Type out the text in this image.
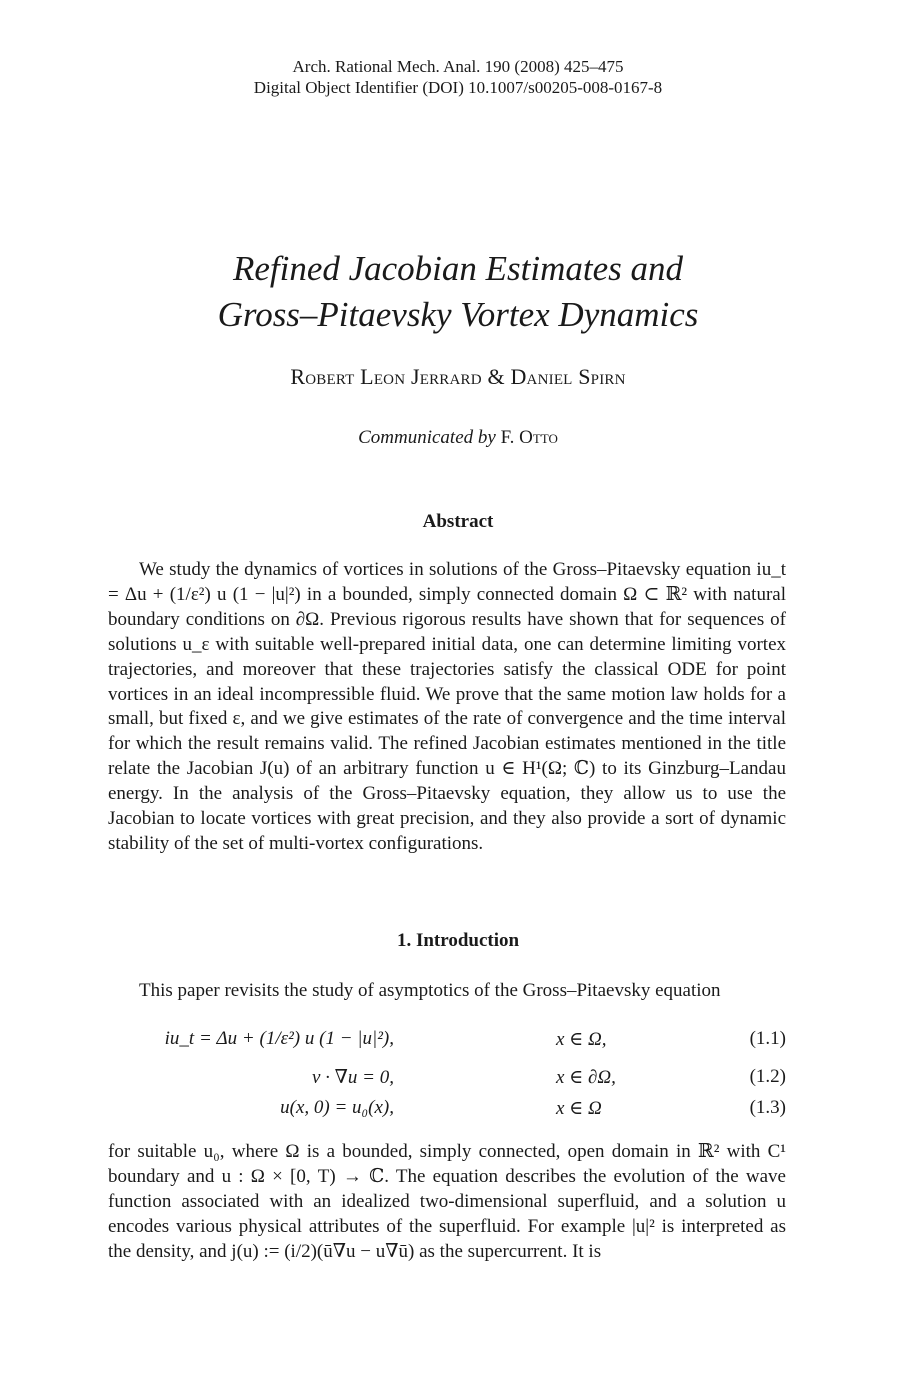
Arch. Rational Mech. Anal. 190 (2008) 425–475
Digital Object Identifier (DOI) 10.1007/s00205-008-0167-8
Refined Jacobian Estimates and
Gross–Pitaevsky Vortex Dynamics
Robert Leon Jerrard & Daniel Spirn
Communicated by F. Otto
Abstract

We study the dynamics of vortices in solutions of the Gross–Pitaevsky equation iu_t = Δu + (1/ε²) u (1 − |u|²) in a bounded, simply connected domain Ω ⊂ ℝ² with natural boundary conditions on ∂Ω. Previous rigorous results have shown that for sequences of solutions u_ε with suitable well-prepared initial data, one can determine limiting vortex trajectories, and moreover that these trajectories satisfy the classical ODE for point vortices in an ideal incompressible fluid. We prove that the same motion law holds for a small, but fixed ε, and we give estimates of the rate of convergence and the time interval for which the result remains valid. The refined Jacobian estimates mentioned in the title relate the Jacobian J(u) of an arbitrary function u ∈ H¹(Ω; ℂ) to its Ginzburg–Landau energy. In the analysis of the Gross–Pitaevsky equation, they allow us to use the Jacobian to locate vortices with great precision, and they also provide a sort of dynamic stability of the set of multi-vortex configurations.

1. Introduction

This paper revisits the study of asymptotics of the Gross–Pitaevsky equation

iu_t = Δu + (1/ε²) u (1 − |u|²),	x ∈ Ω,	(1.1)
ν · ∇u = 0,	x ∈ ∂Ω,	(1.2)
u(x, 0) = u₀(x),	x ∈ Ω	(1.3)

for suitable u₀, where Ω is a bounded, simply connected, open domain in ℝ² with C¹ boundary and u : Ω × [0, T) → ℂ. The equation describes the evolution of the wave function associated with an idealized two-dimensional superfluid, and a solution u encodes various physical attributes of the superfluid. For example |u|² is interpreted as the density, and j(u) := (i/2)(ū∇u − u∇ū) as the supercurrent. It is
